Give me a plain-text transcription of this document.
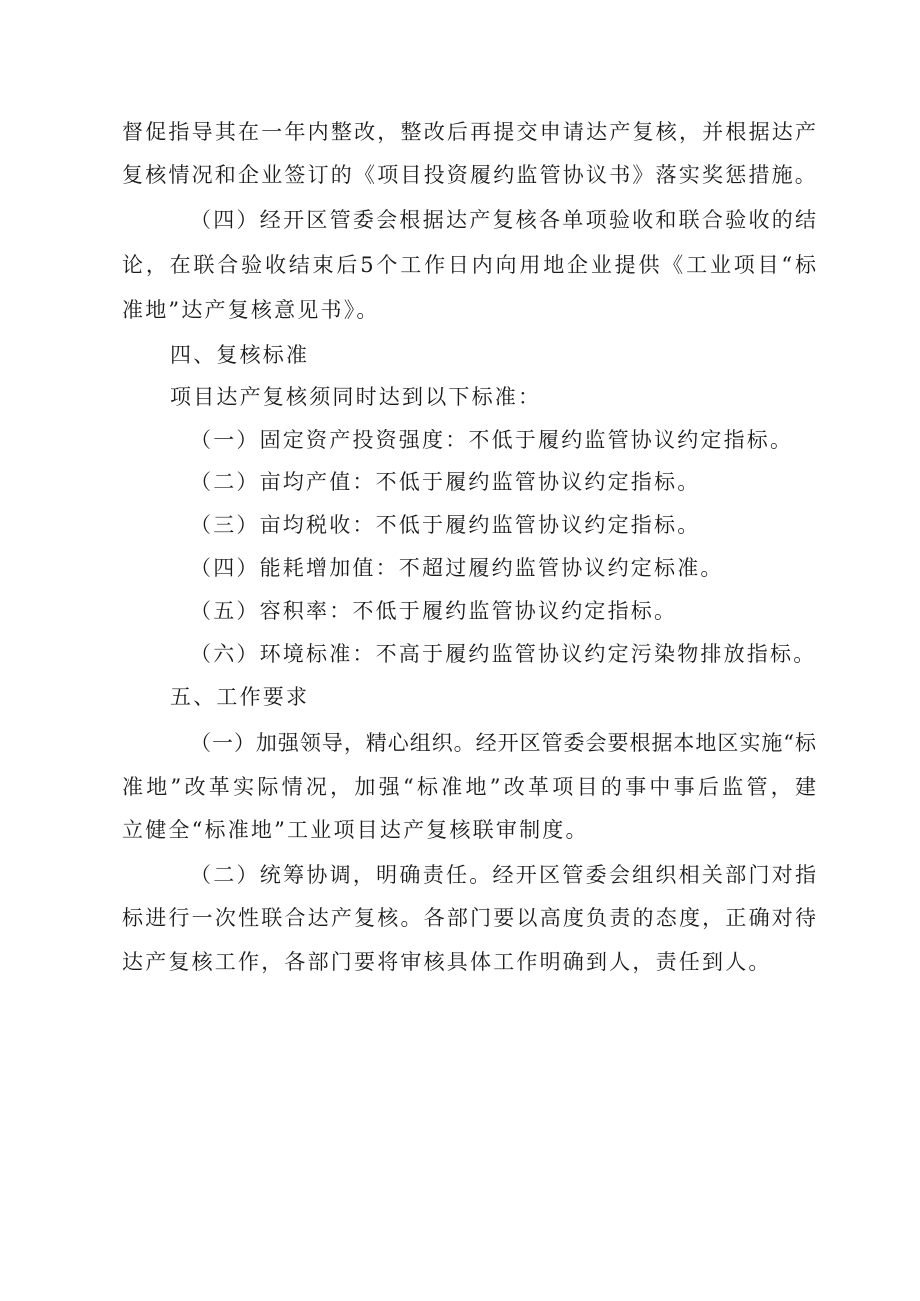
督促指导其在一年内整改，整改后再提交申请达产复核，并根据达产
复核情况和企业签订的《项目投资履约监管协议书》落实奖惩措施。
（四）经开区管委会根据达产复核各单项验收和联合验收的结
论，在联合验收结束后5个工作日内向用地企业提供《工业项目“标
准地”达产复核意见书》。
四、复核标准
项目达产复核须同时达到以下标准：
（一）固定资产投资强度：不低于履约监管协议约定指标。
（二）亩均产值：不低于履约监管协议约定指标。
（三）亩均税收：不低于履约监管协议约定指标。
（四）能耗增加值：不超过履约监管协议约定标准。
（五）容积率：不低于履约监管协议约定指标。
（六）环境标准：不高于履约监管协议约定污染物排放指标。
五、工作要求
（一）加强领导，精心组织。经开区管委会要根据本地区实施“标
准地”改革实际情况，加强“标准地”改革项目的事中事后监管，建
立健全“标准地”工业项目达产复核联审制度。
（二）统筹协调，明确责任。经开区管委会组织相关部门对指
标进行一次性联合达产复核。各部门要以高度负责的态度，正确对待
达产复核工作，各部门要将审核具体工作明确到人，责任到人。
